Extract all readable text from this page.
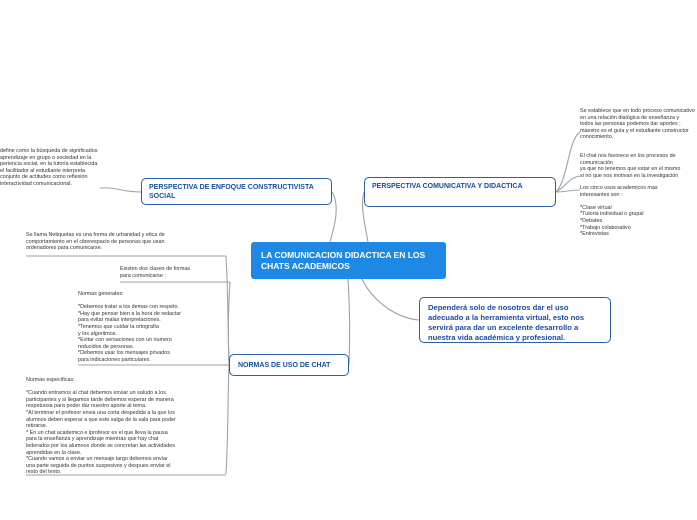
LA COMUNICACION DIDACTICA EN LOS CHATS ACADEMICOS
PERSPECTIVA DE ENFOQUE CONSTRUCTIVISTA SOCIAL
PERSPECTIVA COMUNICATIVA Y DIDACTICA
Dependerá solo de nosotros dar el uso adecuado a la herramienta virtual, esto nos servirá para dar un excelente desarrollo a nuestra vida académica y profesional.
NORMAS DE USO DE CHAT
define como la búsqueda de significados
aprendizaje en grupo o sociedad en la
periencia social, en la tutoría establecida
el facilitador al estudiante interpreta
conjunto de actitudes como reflexión
interactividad comunicacional.
Se establece que en todo proceso comunicativo
en una relación dialógica de enseñanza y
todos las personas podemos dar aportes ;
maestro es el guía y el estudiante constructor
conocimiento.
El chat nos favorece en los procesos de comunicación
ya que no tenemos que estar en el mismo
si no que nos motivan en la investigación
Los cinco usos academicos mas
interesantes son :

*Clase virtual
*Tutoria individual o grupal
*Debates
*Trabajo colaborativo
*Entrevistas
Se llama Netiquetas es una forma de urbanidad y etica de
comportamiento en el ciberespacio de personas que usan
ordenadores para comunicarse.
Existen dos clases de formas
para comunicarse :
Normas generales:

*Debemos tratar a los demas con respeto.
*Hay que pensar bien a la hora de redactar
para evitar malas interpretaciones.
*Tenemos que cuidar la ortografía
y los algoritmos.
*Evitar con versaciones con un numero
reducidos de personas.
*Debemos usar los mensajes privados
para indicaciones particulares.
Normas especificas:

*Cuando entramos al chat debemos enviar un saludo a los
participantes y si llegamos tarde debemos esperar de manera
respetuosa para poder dar nuestro aporte al tema.
*Al terminar el profesor envia una corta despedida a la que los
alumnos deben esperar a que este salga de la sala para poder
retirarse.
* En un chat academico e lprofesor es el que lleva la pausa
para la enseñanza y aprendizaje mientras que hay chat
lederados por los alumnos donde se concretan las actividades
aprendidas en la clase.
*Cuando vamos a enviar un mensaje largo debemos enviar
una parte seguida de puntos suspesivos y despues enviar el
resto del texto.
